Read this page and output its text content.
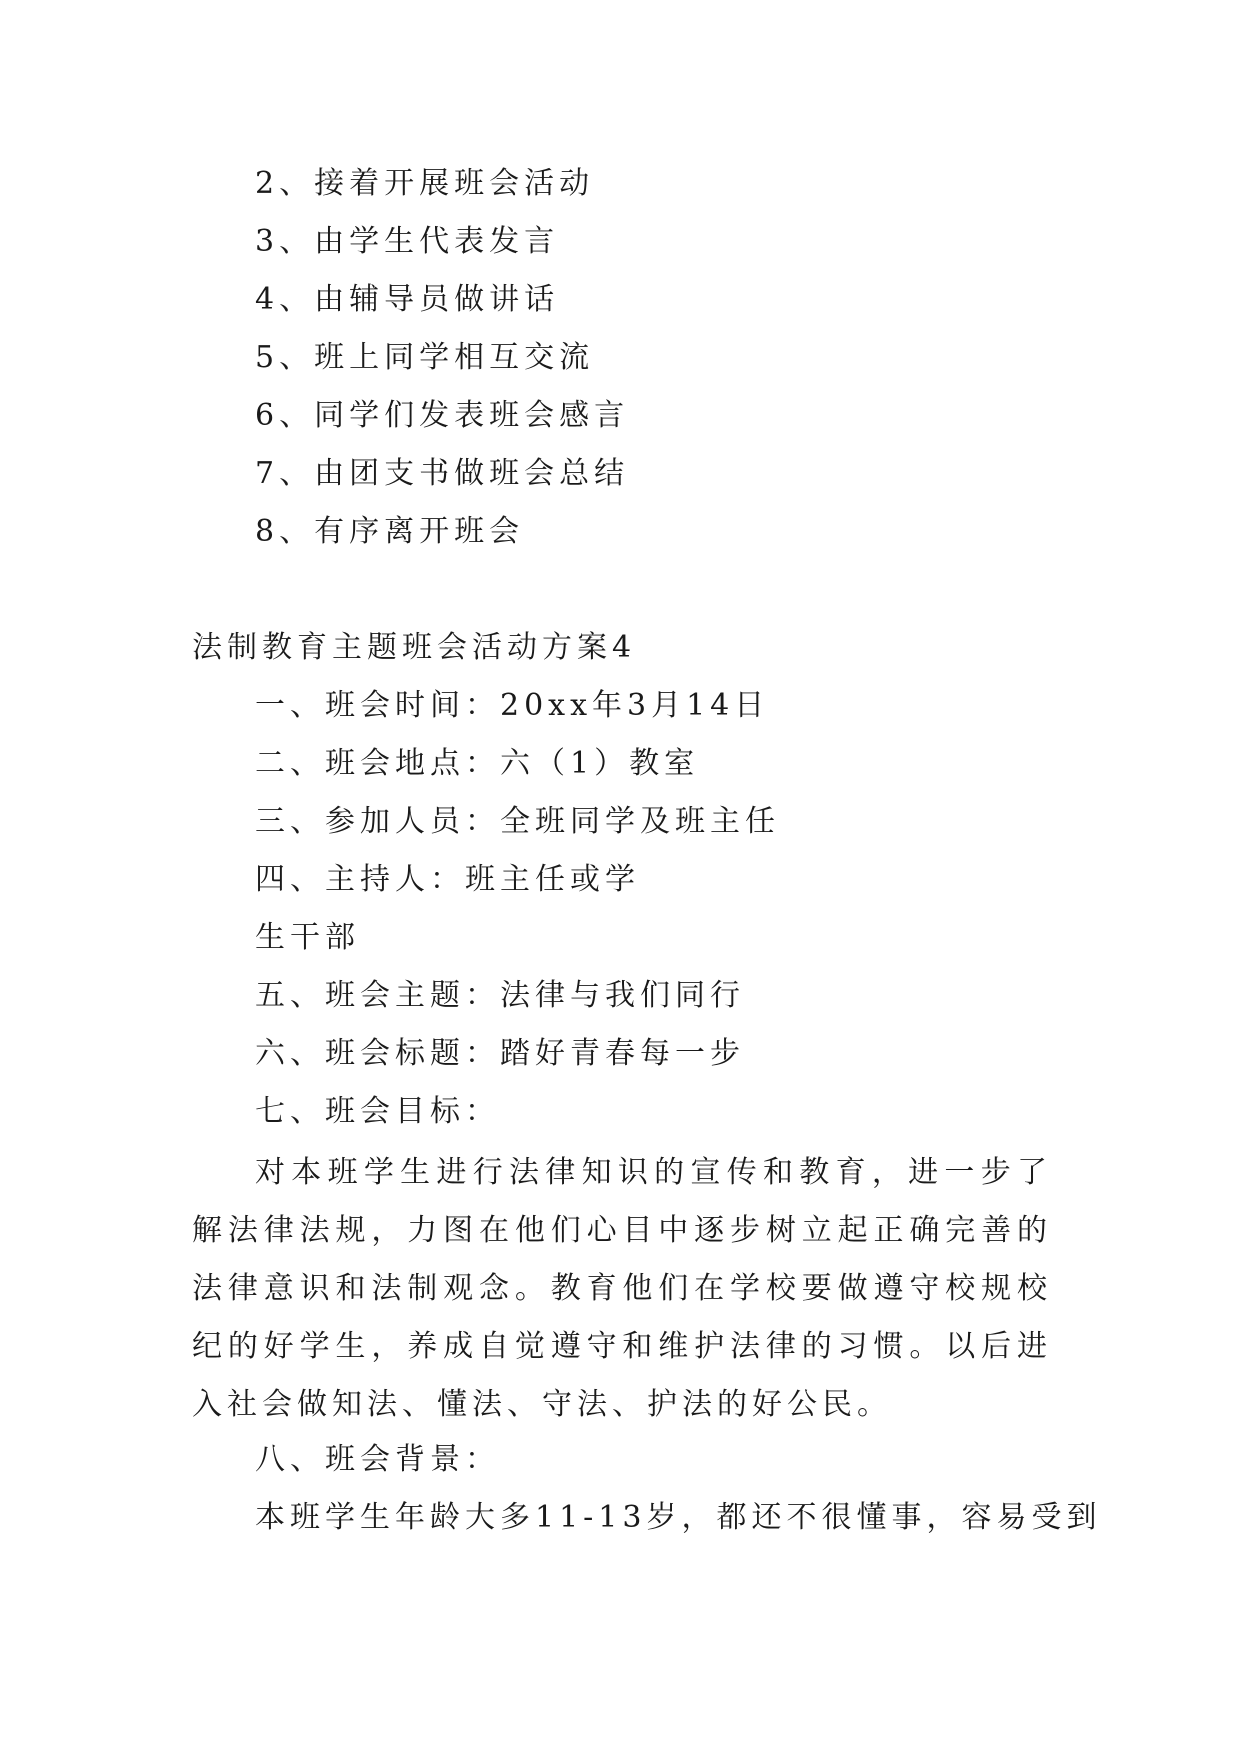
2、接着开展班会活动
3、由学生代表发言
4、由辅导员做讲话
5、班上同学相互交流
6、同学们发表班会感言
7、由团支书做班会总结
8、有序离开班会
法制教育主题班会活动方案4
一、班会时间：20xx年3月14日
二、班会地点：六（1）教室
三、参加人员：全班同学及班主任
四、主持人：班主任或学
生干部
五、班会主题：法律与我们同行
六、班会标题：踏好青春每一步
七、班会目标：
对本班学生进行法律知识的宣传和教育，进一步了解法律法规，力图在他们心目中逐步树立起正确完善的法律意识和法制观念。教育他们在学校要做遵守校规校纪的好学生，养成自觉遵守和维护法律的习惯。以后进入社会做知法、懂法、守法、护法的好公民。
八、班会背景：
本班学生年龄大多11-13岁，都还不很懂事，容易受到
